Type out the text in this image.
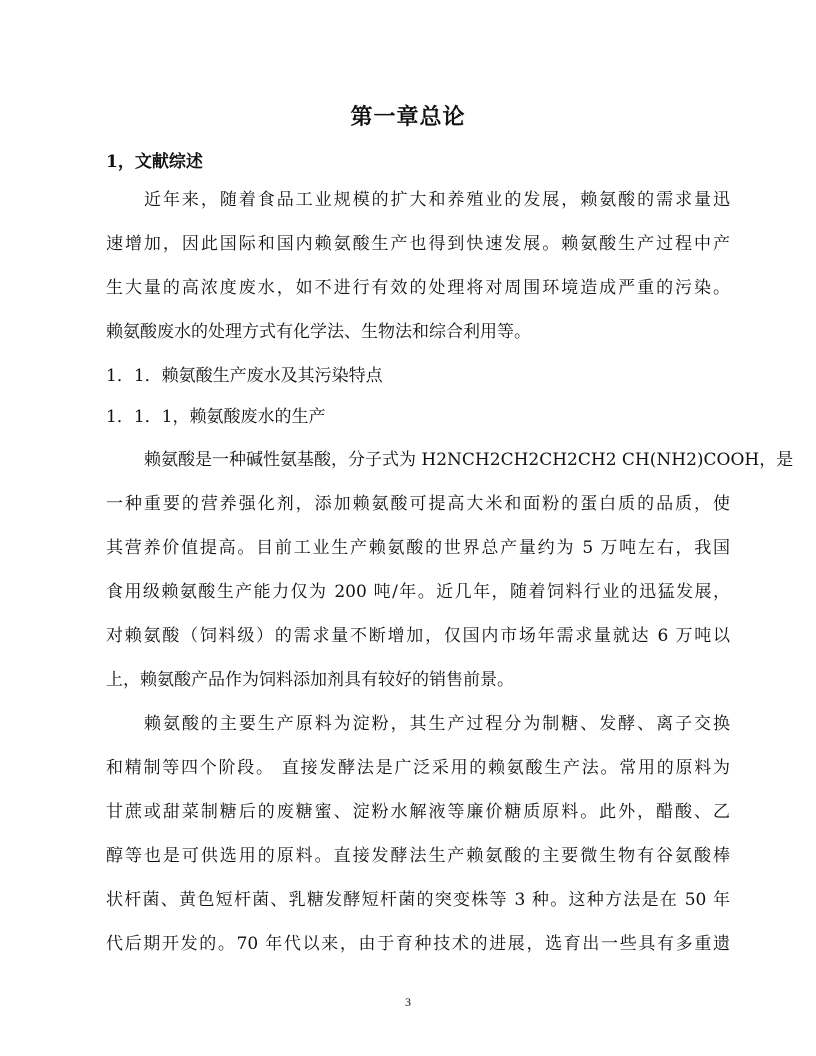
第一章总论
1，文献综述
近年来，随着食品工业规模的扩大和养殖业的发展，赖氨酸的需求量迅
速增加，因此国际和国内赖氨酸生产也得到快速发展。赖氨酸生产过程中产
生大量的高浓度废水，如不进行有效的处理将对周围环境造成严重的污染。
赖氨酸废水的处理方式有化学法、生物法和综合利用等。
1．1．赖氨酸生产废水及其污染特点
1．1．1，赖氨酸废水的生产
赖氨酸是一种碱性氨基酸，分子式为 H2NCH2CH2CH2CH2 CH(NH2)COOH，是
一种重要的营养强化剂，添加赖氨酸可提高大米和面粉的蛋白质的品质，使
其营养价值提高。目前工业生产赖氨酸的世界总产量约为 5 万吨左右，我国
食用级赖氨酸生产能力仅为 200 吨/年。近几年，随着饲料行业的迅猛发展，
对赖氨酸（饲料级）的需求量不断增加，仅国内市场年需求量就达 6 万吨以
上，赖氨酸产品作为饲料添加剂具有较好的销售前景。
赖氨酸的主要生产原料为淀粉，其生产过程分为制糖、发酵、离子交换
和精制等四个阶段。 直接发酵法是广泛采用的赖氨酸生产法。常用的原料为
甘蔗或甜菜制糖后的废糖蜜、淀粉水解液等廉价糖质原料。此外，醋酸、乙
醇等也是可供选用的原料。直接发酵法生产赖氨酸的主要微生物有谷氨酸棒
状杆菌、黄色短杆菌、乳糖发酵短杆菌的突变株等 3 种。这种方法是在 50 年
代后期开发的。70 年代以来，由于育种技术的进展，选育出一些具有多重遗
3
